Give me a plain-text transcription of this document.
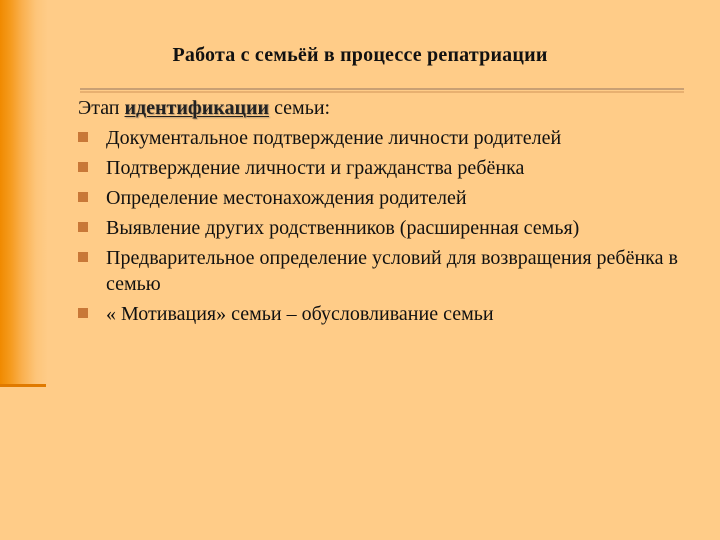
Работа с семьёй в процессе репатриации

Этап идентификации семьи:

Документальное подтверждение личности родителей
Подтверждение личности и гражданства ребёнка
Определение местонахождения родителей
Выявление других родственников (расширенная семья)
Предварительное определение условий для возвращения ребёнка в семью
« Мотивация» семьи – обусловливание семьи
